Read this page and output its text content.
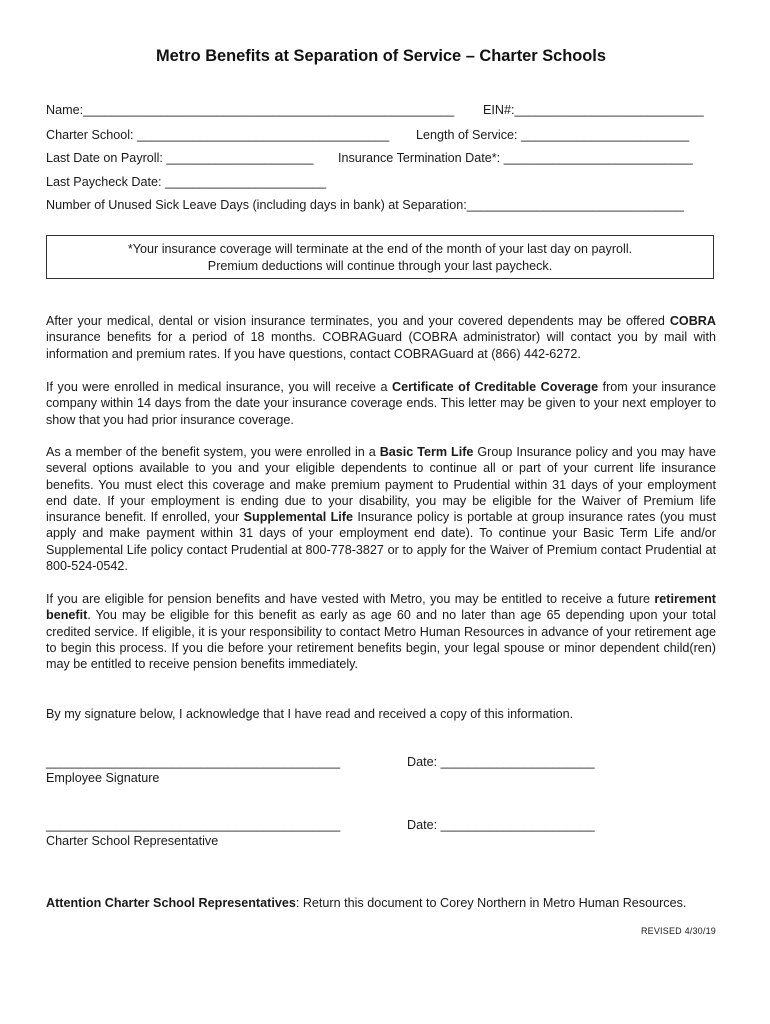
Metro Benefits at Separation of Service – Charter Schools
Name:_____________________________________________________ EIN#:___________________________
Charter School: ____________________________________ Length of Service: ________________________
Last Date on Payroll: _____________________ Insurance Termination Date*: ___________________________
Last Paycheck Date: _______________________
Number of Unused Sick Leave Days (including days in bank) at Separation:_______________________________
*Your insurance coverage will terminate at the end of the month of your last day on payroll.
Premium deductions will continue through your last paycheck.
After your medical, dental or vision insurance terminates, you and your covered dependents may be offered COBRA insurance benefits for a period of 18 months. COBRAGuard (COBRA administrator) will contact you by mail with information and premium rates. If you have questions, contact COBRAGuard at (866) 442-6272.
If you were enrolled in medical insurance, you will receive a Certificate of Creditable Coverage from your insurance company within 14 days from the date your insurance coverage ends. This letter may be given to your next employer to show that you had prior insurance coverage.
As a member of the benefit system, you were enrolled in a Basic Term Life Group Insurance policy and you may have several options available to you and your eligible dependents to continue all or part of your current life insurance benefits. You must elect this coverage and make premium payment to Prudential within 31 days of your employment end date. If your employment is ending due to your disability, you may be eligible for the Waiver of Premium life insurance benefit. If enrolled, your Supplemental Life Insurance policy is portable at group insurance rates (you must apply and make payment within 31 days of your employment end date). To continue your Basic Term Life and/or Supplemental Life policy contact Prudential at 800-778-3827 or to apply for the Waiver of Premium contact Prudential at 800-524-0542.
If you are eligible for pension benefits and have vested with Metro, you may be entitled to receive a future retirement benefit. You may be eligible for this benefit as early as age 60 and no later than age 65 depending upon your total credited service. If eligible, it is your responsibility to contact Metro Human Resources in advance of your retirement age to begin this process. If you die before your retirement benefits begin, your legal spouse or minor dependent child(ren) may be entitled to receive pension benefits immediately.
By my signature below, I acknowledge that I have read and received a copy of this information.
__________________________________________
Employee Signature
Date: ______________________
__________________________________________
Charter School Representative
Date: ______________________
Attention Charter School Representatives: Return this document to Corey Northern in Metro Human Resources.
REVISED 4/30/19
